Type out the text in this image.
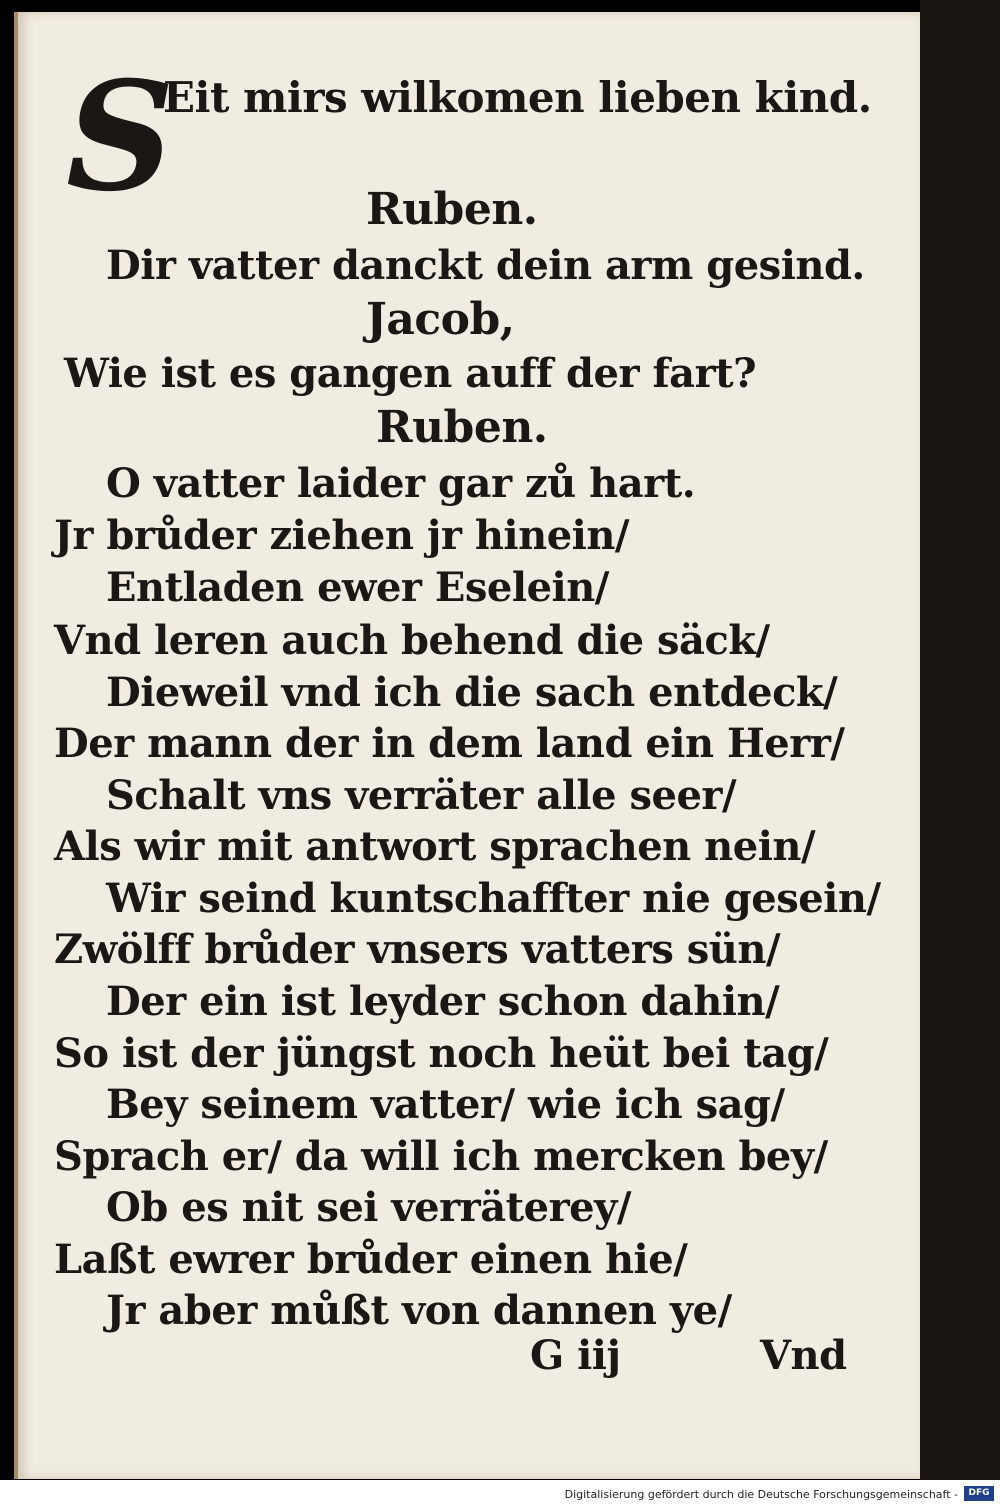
S
Eit mirs wilkomen lieben kind.
Ruben.
Dir vatter danckt dein arm gesind.
Jacob,
Wie ist es gangen auff der fart?
Ruben.
O vatter laider gar zů hart.
Jr brůder ziehen jr hinein/
Entladen ewer Eselein/
Vnd leren auch behend die säck/
Dieweil vnd ich die sach entdeck/
Der mann der in dem land ein Herr/
Schalt vns verräter alle seer/
Als wir mit antwort sprachen nein/
Wir seind kuntschaffter nie gesein/
Zwölff brůder vnsers vatters sün/
Der ein ist leyder schon dahin/
So ist der jüngst noch heüt bei tag/
Bey seinem vatter/ wie ich sag/
Sprach er/ da will ich mercken bey/
Ob es nit sei verräterey/
Laßt ewrer brůder einen hie/
Jr aber můßt von dannen ye/
G iij	Vnd
Digitalisierung gefördert durch die Deutsche Forschungsgemeinschaft -	DFG
